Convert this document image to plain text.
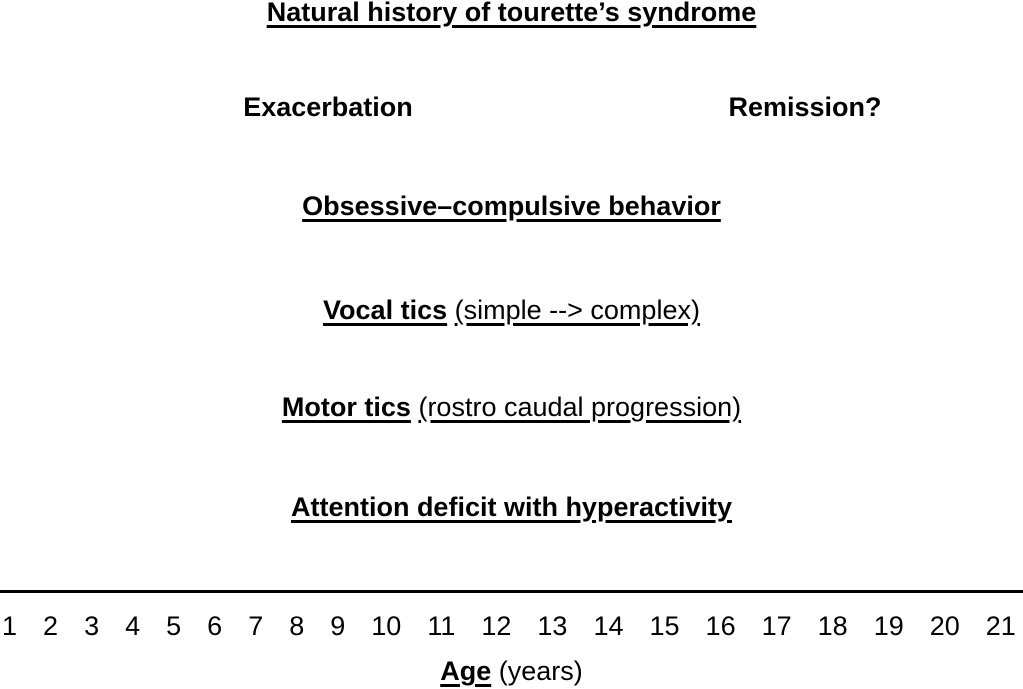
Natural history of tourette’s syndrome
Exacerbation	Remission?
Obsessive–compulsive behavior
Vocal tics (simple --> complex)
Motor tics (rostro caudal progression)
Attention deficit with hyperactivity
1 2 3 4 5 6 7 8 9 10 11 12 13 14 15 16 17 18 19 20 21
Age (years)
